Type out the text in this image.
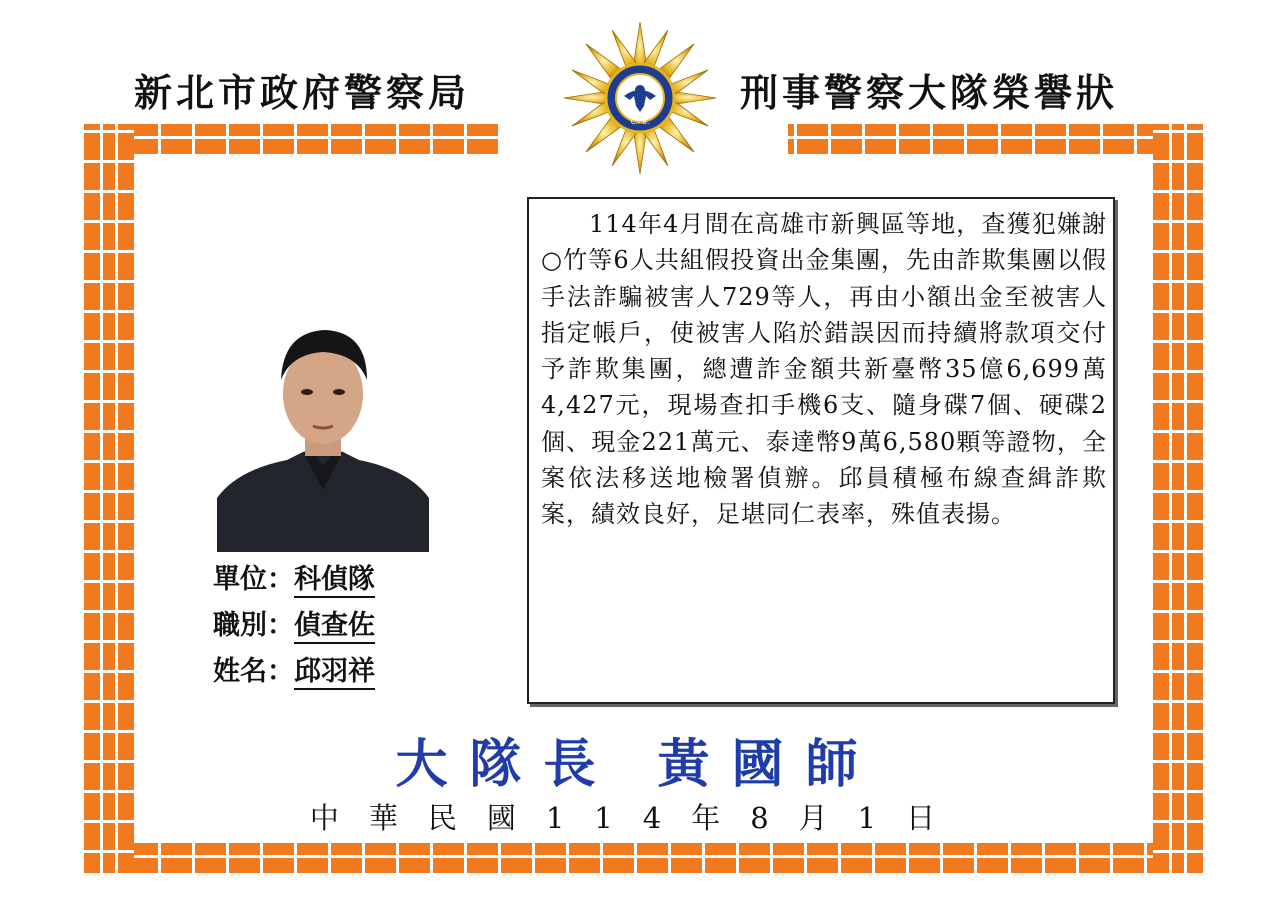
新北市政府警察局
C.I.B.
刑事警察大隊榮譽狀
單位：科偵隊
職別：偵查佐
姓名：邱羽祥

114年4月間在高雄市新興區等地，查獲犯嫌謝○竹等6人共組假投資出金集團，先由詐欺集團以假手法詐騙被害人729等人，再由小額出金至被害人指定帳戶，使被害人陷於錯誤因而持續將款項交付予詐欺集團，總遭詐金額共新臺幣35億6,699萬4,427元，現場查扣手機6支、隨身碟7個、硬碟2個、現金221萬元、泰達幣9萬6,580顆等證物，全案依法移送地檢署偵辦。邱員積極布線查緝詐欺案，績效良好，足堪同仁表率，殊值表揚。

大隊長 黃國師
中華民國114年8月1日
